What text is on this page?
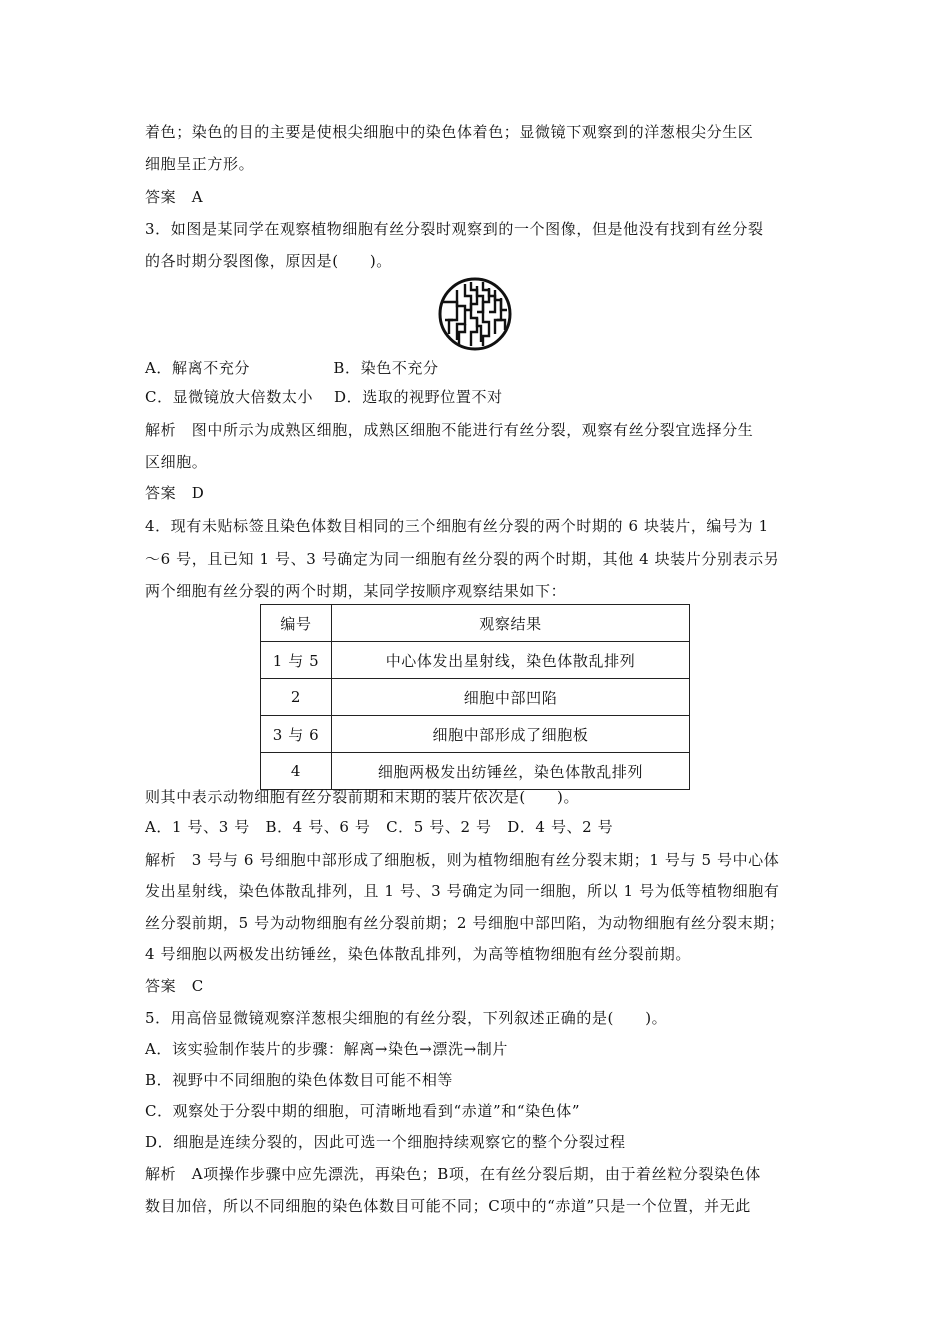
着色；染色的目的主要是使根尖细胞中的染色体着色；显微镜下观察到的洋葱根尖分生区
细胞呈正方形。
答案　A
3．如图是某同学在观察植物细胞有丝分裂时观察到的一个图像，但是他没有找到有丝分裂
的各时期分裂图像，原因是(　　)。
A．解离不充分　　　　　 B．染色不充分
C．显微镜放大倍数太小　 D．选取的视野位置不对
解析　图中所示为成熟区细胞，成熟区细胞不能进行有丝分裂，观察有丝分裂宜选择分生
区细胞。
答案　D
4．现有未贴标签且染色体数目相同的三个细胞有丝分裂的两个时期的 6 块装片，编号为 1
～6 号，且已知 1 号、3 号确定为同一细胞有丝分裂的两个时期，其他 4 块装片分别表示另
两个细胞有丝分裂的两个时期，某同学按顺序观察结果如下：
编号	观察结果
1 与 5	中心体发出星射线，染色体散乱排列
2	细胞中部凹陷
3 与 6	细胞中部形成了细胞板
4	细胞两极发出纺锤丝，染色体散乱排列
则其中表示动物细胞有丝分裂前期和末期的装片依次是(　　)。
A．1 号、3 号　B．4 号、6 号　C．5 号、2 号　D．4 号、2 号
解析　3 号与 6 号细胞中部形成了细胞板，则为植物细胞有丝分裂末期；1 号与 5 号中心体
发出星射线，染色体散乱排列，且 1 号、3 号确定为同一细胞，所以 1 号为低等植物细胞有
丝分裂前期，5 号为动物细胞有丝分裂前期；2 号细胞中部凹陷，为动物细胞有丝分裂末期；
4 号细胞以两极发出纺锤丝，染色体散乱排列，为高等植物细胞有丝分裂前期。
答案　C
5．用高倍显微镜观察洋葱根尖细胞的有丝分裂，下列叙述正确的是(　　)。
A．该实验制作装片的步骤：解离→染色→漂洗→制片
B．视野中不同细胞的染色体数目可能不相等
C．观察处于分裂中期的细胞，可清晰地看到“赤道”和“染色体”
D．细胞是连续分裂的，因此可选一个细胞持续观察它的整个分裂过程
解析　A项操作步骤中应先漂洗，再染色；B项，在有丝分裂后期，由于着丝粒分裂染色体
数目加倍，所以不同细胞的染色体数目可能不同；C项中的“赤道”只是一个位置，并无此
